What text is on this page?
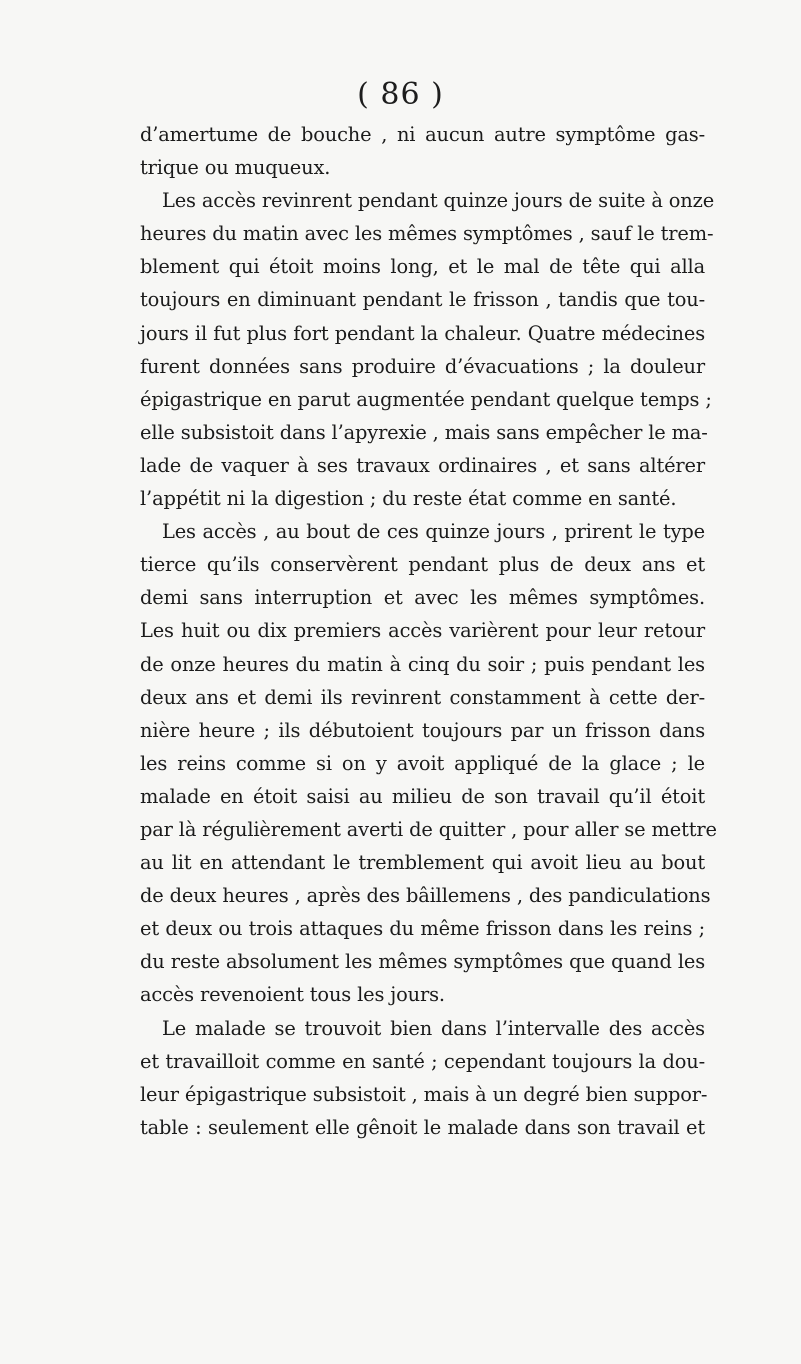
( 86 )
d’amertume de bouche , ni aucun autre symptôme gas-
trique ou muqueux.
Les accès revinrent pendant quinze jours de suite à onze
heures du matin avec les mêmes symptômes , sauf le trem-
blement qui étoit moins long, et le mal de tête qui alla
toujours en diminuant pendant le frisson , tandis que tou-
jours il fut plus fort pendant la chaleur. Quatre médecines
furent données sans produire d’évacuations ; la douleur
épigastrique en parut augmentée pendant quelque temps ;
elle subsistoit dans l’apyrexie , mais sans empêcher le ma-
lade de vaquer à ses travaux ordinaires , et sans altérer
l’appétit ni la digestion ; du reste état comme en santé.
Les accès , au bout de ces quinze jours , prirent le type
tierce qu’ils conservèrent pendant plus de deux ans et
demi sans interruption et avec les mêmes symptômes.
Les huit ou dix premiers accès varièrent pour leur retour
de onze heures du matin à cinq du soir ; puis pendant les
deux ans et demi ils revinrent constamment à cette der-
nière heure ; ils débutoient toujours par un frisson dans
les reins comme si on y avoit appliqué de la glace ; le
malade en étoit saisi au milieu de son travail qu’il étoit
par là régulièrement averti de quitter , pour aller se mettre
au lit en attendant le tremblement qui avoit lieu au bout
de deux heures , après des bâillemens , des pandiculations
et deux ou trois attaques du même frisson dans les reins ;
du reste absolument les mêmes symptômes que quand les
accès revenoient tous les jours.
Le malade se trouvoit bien dans l’intervalle des accès
et travailloit comme en santé ; cependant toujours la dou-
leur épigastrique subsistoit , mais à un degré bien suppor-
table : seulement elle gênoit le malade dans son travail et
